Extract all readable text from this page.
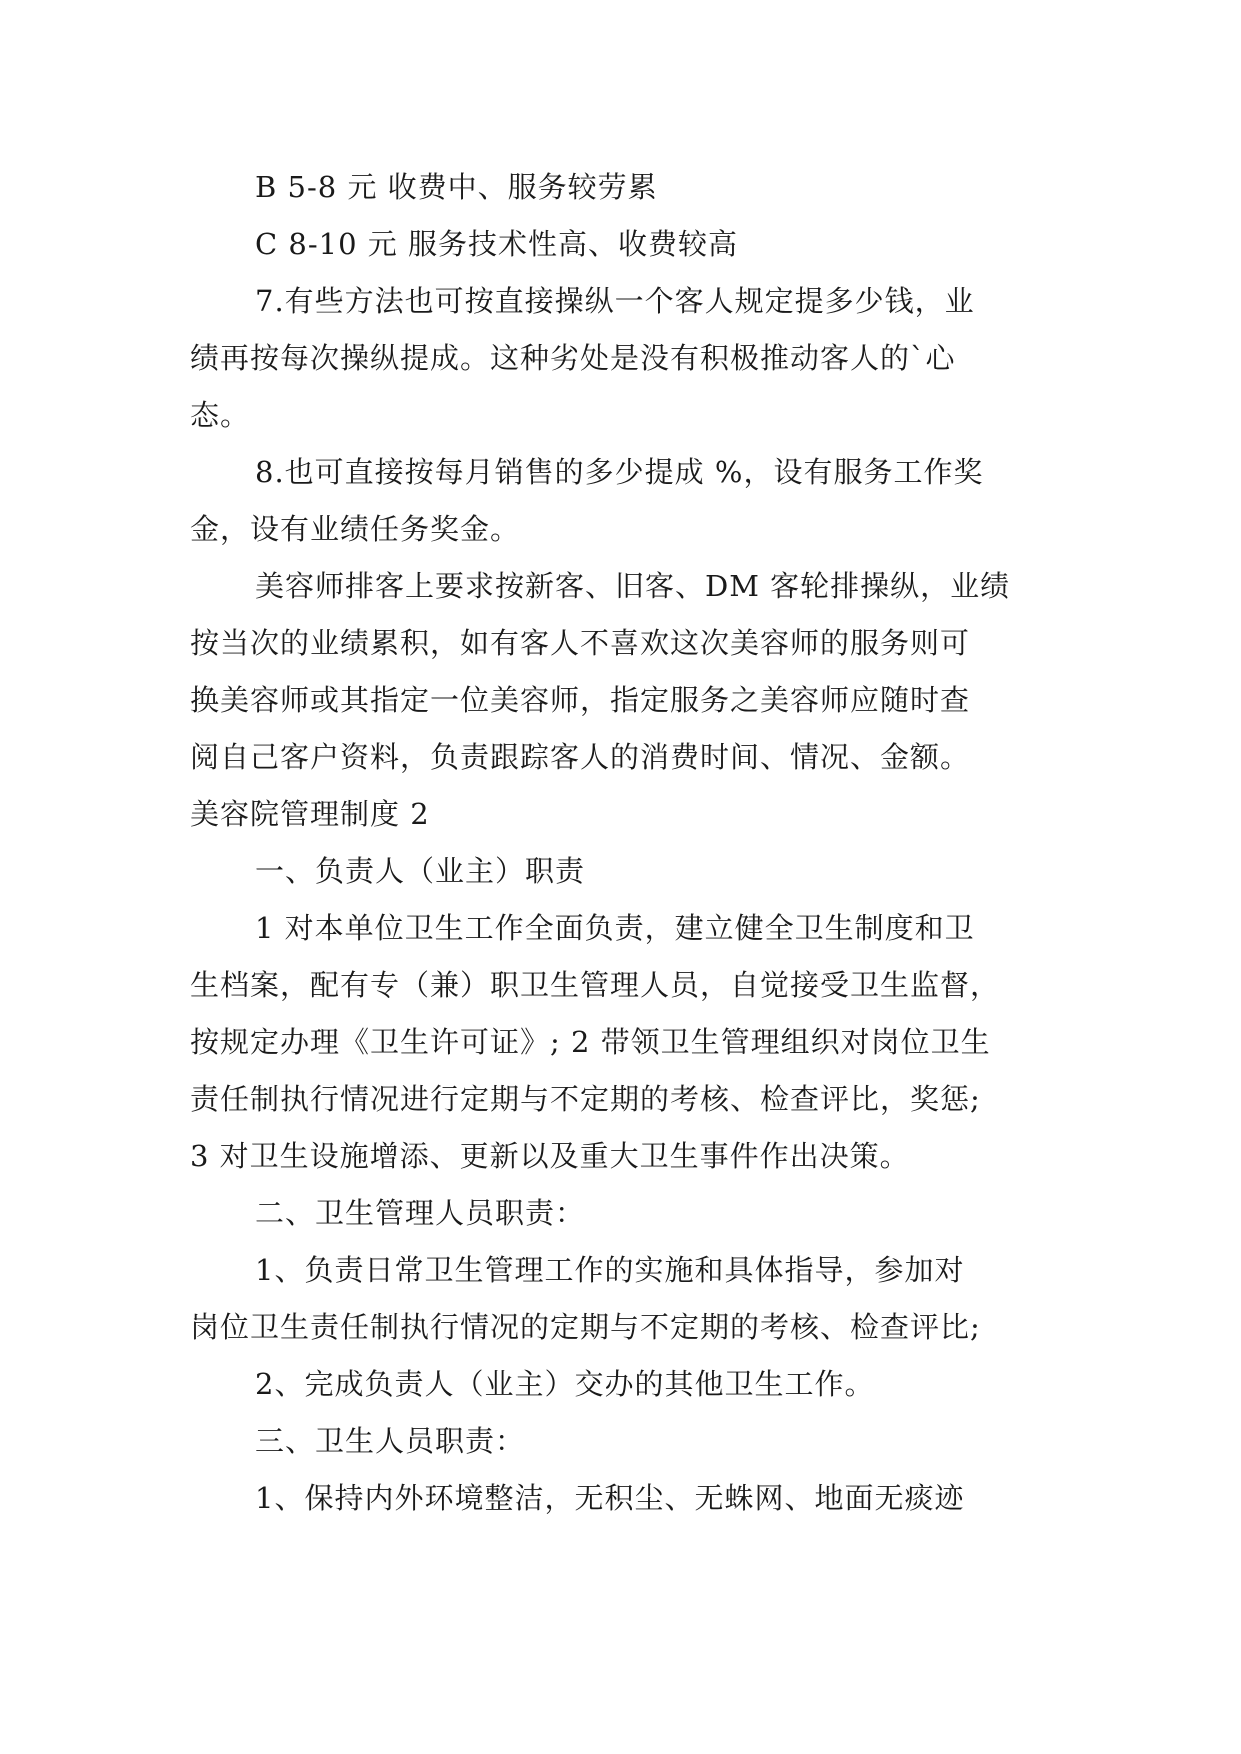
B 5-8 元 收费中、服务较劳累
C 8-10 元 服务技术性高、收费较高
7.有些方法也可按直接操纵一个客人规定提多少钱，业
绩再按每次操纵提成。这种劣处是没有积极推动客人的`心
态。
8.也可直接按每月销售的多少提成 %，设有服务工作奖
金，设有业绩任务奖金。
美容师排客上要求按新客、旧客、DM 客轮排操纵，业绩
按当次的业绩累积，如有客人不喜欢这次美容师的服务则可
换美容师或其指定一位美容师，指定服务之美容师应随时查
阅自己客户资料，负责跟踪客人的消费时间、情况、金额。
美容院管理制度 2
一、负责人（业主）职责
1 对本单位卫生工作全面负责，建立健全卫生制度和卫
生档案，配有专（兼）职卫生管理人员，自觉接受卫生监督，
按规定办理《卫生许可证》; 2 带领卫生管理组织对岗位卫生
责任制执行情况进行定期与不定期的考核、检查评比，奖惩;
3 对卫生设施增添、更新以及重大卫生事件作出决策。
二、卫生管理人员职责：
1、负责日常卫生管理工作的实施和具体指导，参加对
岗位卫生责任制执行情况的定期与不定期的考核、检查评比;
2、完成负责人（业主）交办的其他卫生工作。
三、卫生人员职责：
1、保持内外环境整洁，无积尘、无蛛网、地面无痰迹
